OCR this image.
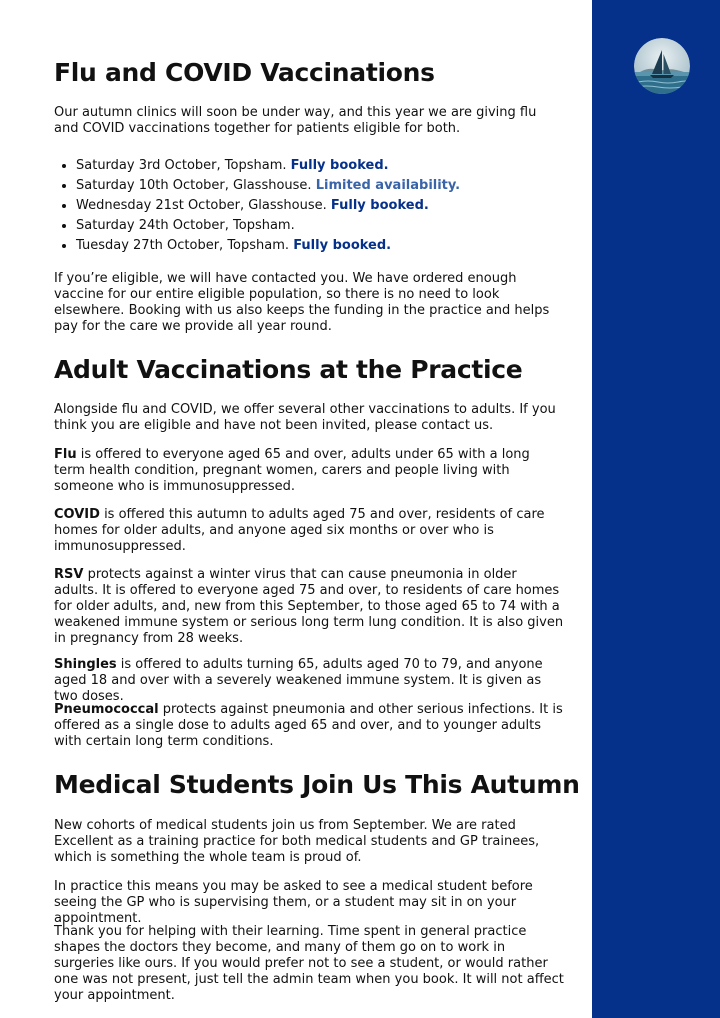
Flu and COVID Vaccinations

Our autumn clinics will soon be under way, and this year we are giving flu and COVID vaccinations together for patients eligible for both.

• Saturday 3rd October, Topsham. Fully booked.
• Saturday 10th October, Glasshouse. Limited availability.
• Wednesday 21st October, Glasshouse. Fully booked.
• Saturday 24th October, Topsham.
• Tuesday 27th October, Topsham. Fully booked.

If you’re eligible, we will have contacted you. We have ordered enough vaccine for our entire eligible population, so there is no need to look elsewhere. Booking with us also keeps the funding in the practice and helps pay for the care we provide all year round.

Adult Vaccinations at the Practice

Alongside flu and COVID, we offer several other vaccinations to adults. If you think you are eligible and have not been invited, please contact us.

Flu is offered to everyone aged 65 and over, adults under 65 with a long term health condition, pregnant women, carers and people living with someone who is immunosuppressed.

COVID is offered this autumn to adults aged 75 and over, residents of care homes for older adults, and anyone aged six months or over who is immunosuppressed.

RSV protects against a winter virus that can cause pneumonia in older adults. It is offered to everyone aged 75 and over, to residents of care homes for older adults, and, new from this September, to those aged 65 to 74 with a weakened immune system or serious long term lung condition. It is also given in pregnancy from 28 weeks.

Shingles is offered to adults turning 65, adults aged 70 to 79, and anyone aged 18 and over with a severely weakened immune system. It is given as two doses.

Pneumococcal protects against pneumonia and other serious infections. It is offered as a single dose to adults aged 65 and over, and to younger adults with certain long term conditions.

Medical Students Join Us This Autumn

New cohorts of medical students join us from September. We are rated Excellent as a training practice for both medical students and GP trainees, which is something the whole team is proud of.

In practice this means you may be asked to see a medical student before seeing the GP who is supervising them, or a student may sit in on your appointment.

Thank you for helping with their learning. Time spent in general practice shapes the doctors they become, and many of them go on to work in surgeries like ours. If you would prefer not to see a student, or would rather one was not present, just tell the admin team when you book. It will not affect your appointment.
